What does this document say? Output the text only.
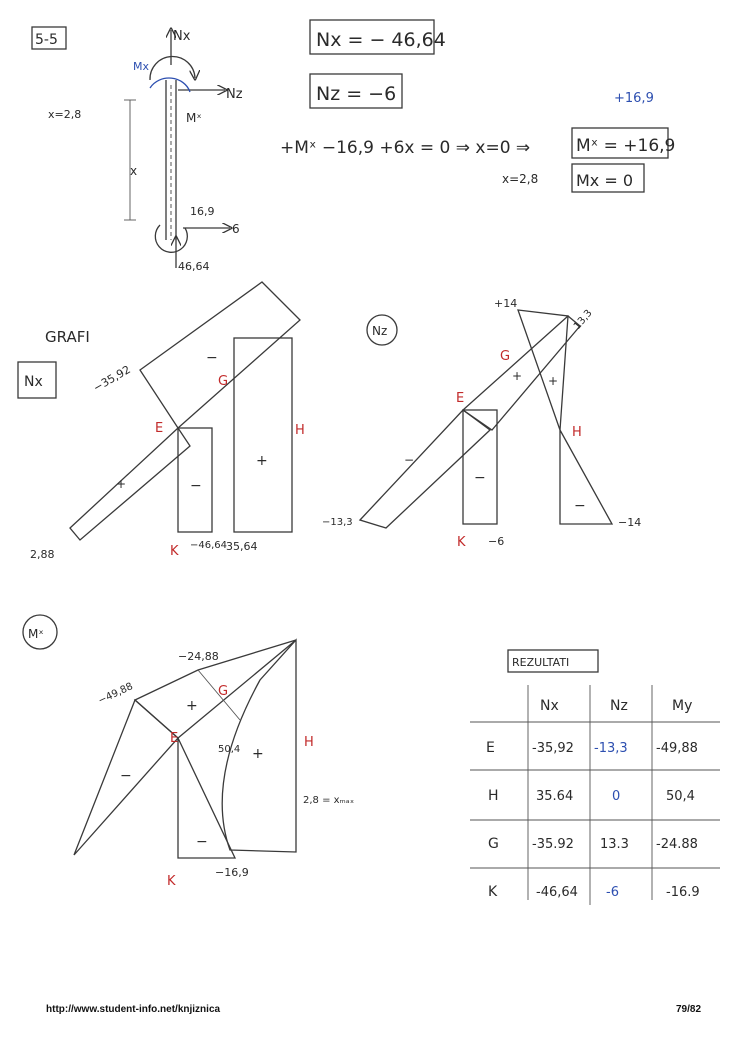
5-5	Nx
Nz
Mx
Mˣ
x
x=2,8
16,9
6
46,64
Nx = − 46,64
Nz = −6	+16,9
+Mˣ −16,9 +6x = 0 ⇒ x=0 ⇒	Mˣ = +16,9
x=2,8 Mx = 0
GRAFI
Nx	−35,92
2,88
−46,64
35,64
E
G
K
H
−
+
−
+
Nz
+14
13,3
−13,3
−6
−14
E
G
K
H
+ +
−
−
−
Mˣ
−24,88
−49,88
50,4
−16,9
2,8 = xₘₐₓ
E
G
K
H
+
+
−
−
REZULTATI
Nx	Nz	My
E	-35,92 -13,3 -49,88
H	35.64	0	50,4
G	-35.92 13.3 -24.88
K	-46,64 -6	-16.9
http://www.student-info.net/knjiznica	79/82
